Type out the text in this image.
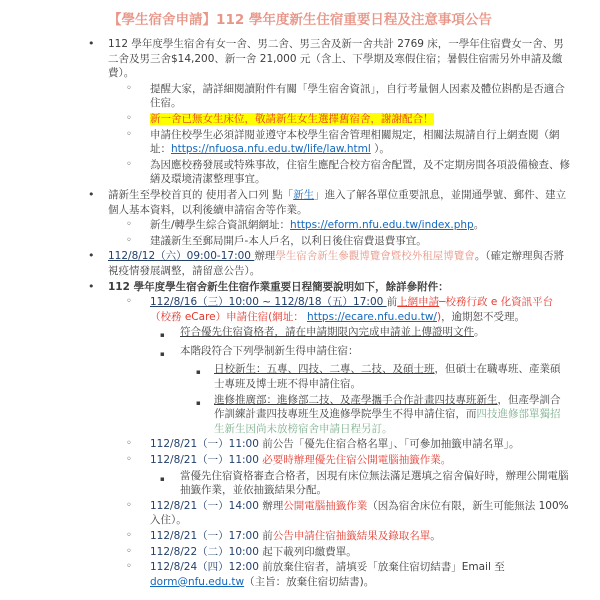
【學生宿舍申請】112 學年度新生住宿重要日程及注意事項公告
•	112 學年度學生宿舍有女一舍、男二舍、男三舍及新一舍共計 2769 床，一學年住宿費女一舍、男二舍及男三舍$14,200、新一舍 21,000 元（含上、下學期及寒假住宿；暑假住宿需另外申請及繳費）。
◦	提醒大家，請詳細閱讀附件有關「學生宿舍資訊」，自行考量個人因素及體位斟酌是否適合住宿。
◦	新一舍已無女生床位，敬請新生女生選擇舊宿舍，謝謝配合！
◦	申請住校學生必須詳閱並遵守本校學生宿舍管理相關規定，相關法規請自行上網查閱（網址：https://nfuosa.nfu.edu.tw/life/law.html ）。
◦	為因應校務發展或特殊事故，住宿生應配合校方宿舍配置，及不定期房間各項設備檢查、修繕及環境清潔整理事宜。
•	請新生至學校首頁的 使用者入口列 點「新生」進入了解各單位重要訊息，並開通學號、郵件、建立個人基本資料，以利後續申請宿舍等作業。
◦	新生/轉學生綜合資訊網網址：https://eform.nfu.edu.tw/index.php。
◦	建議新生至郵局開戶-本人戶名，以利日後住宿費退費事宜。
•	112/8/12（六）09:00-17:00 辦理學生宿舍新生參觀博覽會暨校外租屋博覽會。（確定辦理與否將視疫情發展調整，請留意公告）。
•	112 學年度學生宿舍新生住宿作業重要日程簡要說明如下，餘詳參附件：
◦	112/8/16（三）10:00 ~ 112/8/18（五）17:00 前上網申請─校務行政 e 化資訊平台（校務 eCare）申請住宿(網址： https://ecare.nfu.edu.tw/)，逾期恕不受理。
▪	符合優先住宿資格者，請在申請期限內完成申請並上傳證明文件。
▪	本階段符合下列學制新生得申請住宿：
▪	日校新生：五專、四技、二專、二技、及碩士班，但碩士在職專班、產業碩士專班及博士班不得申請住宿。
▪	進修推廣部：進修部二技、及產學攜手合作計畫四技專班新生，但產學訓合作訓練計畫四技專班生及進修學院學生不得申請住宿，而四技進修部單獨招生新生因尚未放榜宿舍申請日程另訂。
◦	112/8/21（一）11:00 前公告「優先住宿合格名單」、「可參加抽籤申請名單」。
◦	112/8/21（一）11:00 必要時辦理優先住宿公開電腦抽籤作業。
▪	當優先住宿資格審查合格者，因現有床位無法滿足選填之宿舍偏好時，辦理公開電腦抽籤作業，並依抽籤結果分配。
◦	112/8/21（一）14:00 辦理公開電腦抽籤作業（因為宿舍床位有限，新生可能無法 100%入住）。
◦	112/8/21（一）17:00 前公告申請住宿抽籤結果及錄取名單。
◦	112/8/22（二）10:00 起下載列印繳費單。
◦	112/8/24（四）12:00 前放棄住宿者，請填妥「放棄住宿切結書」Email 至 dorm@nfu.edu.tw（主旨：放棄住宿切結書)。
